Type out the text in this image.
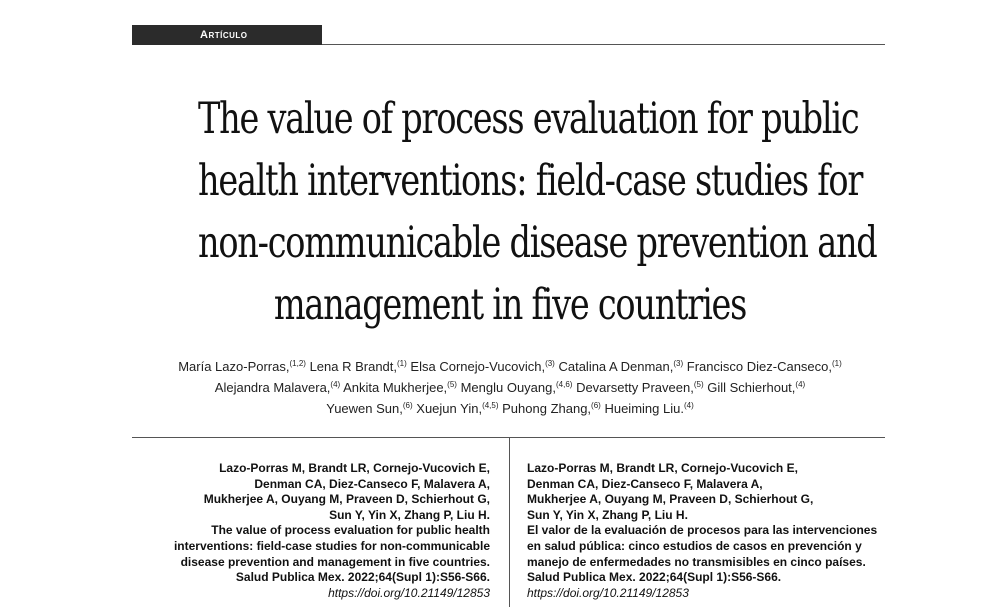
Artículo
The value of process evaluation for public
health interventions: field-case studies for
non-communicable disease prevention and
management in five countries
María Lazo-Porras,$^{(1,2)}$ Lena R Brandt,$^{(1)}$ Elsa Cornejo-Vucovich,$^{(3)}$ Catalina A Denman,$^{(3)}$ Francisco Diez-Canseco,$^{(1)}$
Alejandra Malavera,$^{(4)}$ Ankita Mukherjee,$^{(5)}$ Menglu Ouyang,$^{(4,6)}$ Devarsetty Praveen,$^{(5)}$ Gill Schierhout,$^{(4)}$
Yuewen Sun,$^{(6)}$ Xuejun Yin,$^{(4,5)}$ Puhong Zhang,$^{(6)}$ Hueiming Liu.$^{(4)}$
Lazo-Porras M, Brandt LR, Cornejo-Vucovich E,
Denman CA, Diez-Canseco F, Malavera A,
Mukherjee A, Ouyang M, Praveen D, Schierhout G,
Sun Y, Yin X, Zhang P, Liu H.
The value of process evaluation for public health
interventions: field-case studies for non-communicable
disease prevention and management in five countries.
Salud Publica Mex. 2022;64(Supl 1):S56-S66.
https://doi.org/10.21149/12853
Lazo-Porras M, Brandt LR, Cornejo-Vucovich E,
Denman CA, Diez-Canseco F, Malavera A,
Mukherjee A, Ouyang M, Praveen D, Schierhout G,
Sun Y, Yin X, Zhang P, Liu H.
El valor de la evaluación de procesos para las intervenciones
en salud pública: cinco estudios de casos en prevención y
manejo de enfermedades no transmisibles en cinco países.
Salud Publica Mex. 2022;64(Supl 1):S56-S66.
https://doi.org/10.21149/12853
